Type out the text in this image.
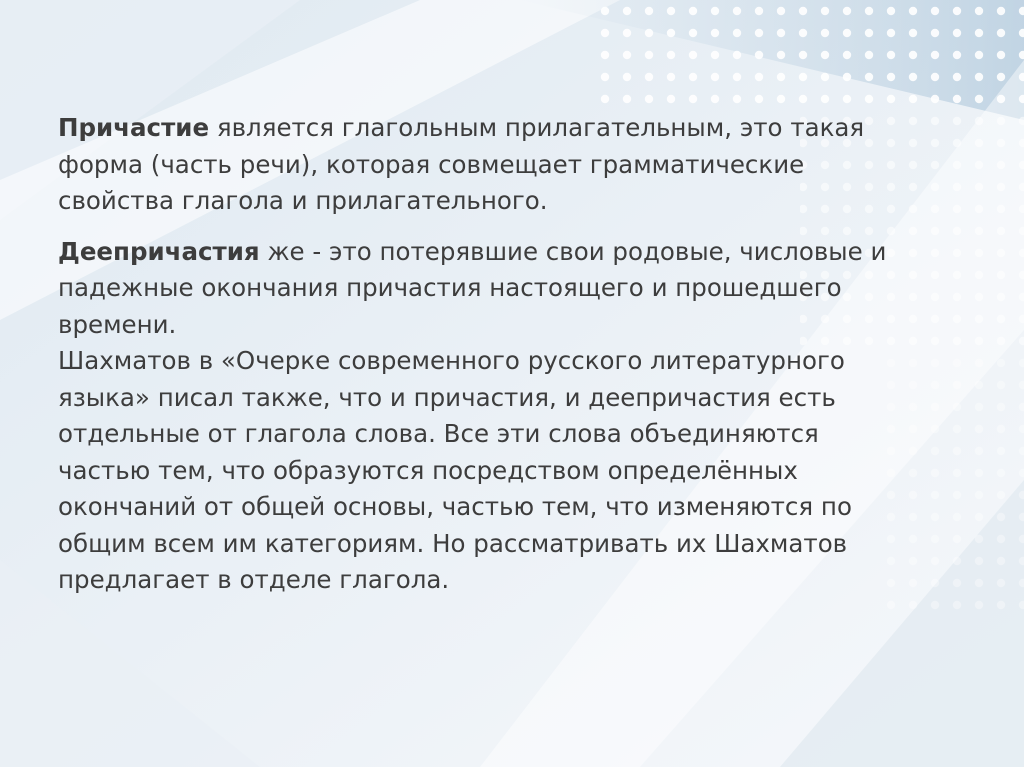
Причастие является глагольным прилагательным, это такая
форма (часть речи), которая совмещает грамматические
свойства глагола и прилагательного.

Деепричастия же - это потерявшие свои родовые, числовые и
падежные окончания причастия настоящего и прошедшего
времени.

Шахматов в «Очерке современного русского литературного
языка» писал также, что и причастия, и деепричастия есть
отдельные от глагола слова. Все эти слова объединяются
частью тем, что образуются посредством определённых
окончаний от общей основы, частью тем, что изменяются по
общим всем им категориям. Но рассматривать их Шахматов
предлагает в отделе глагола.
